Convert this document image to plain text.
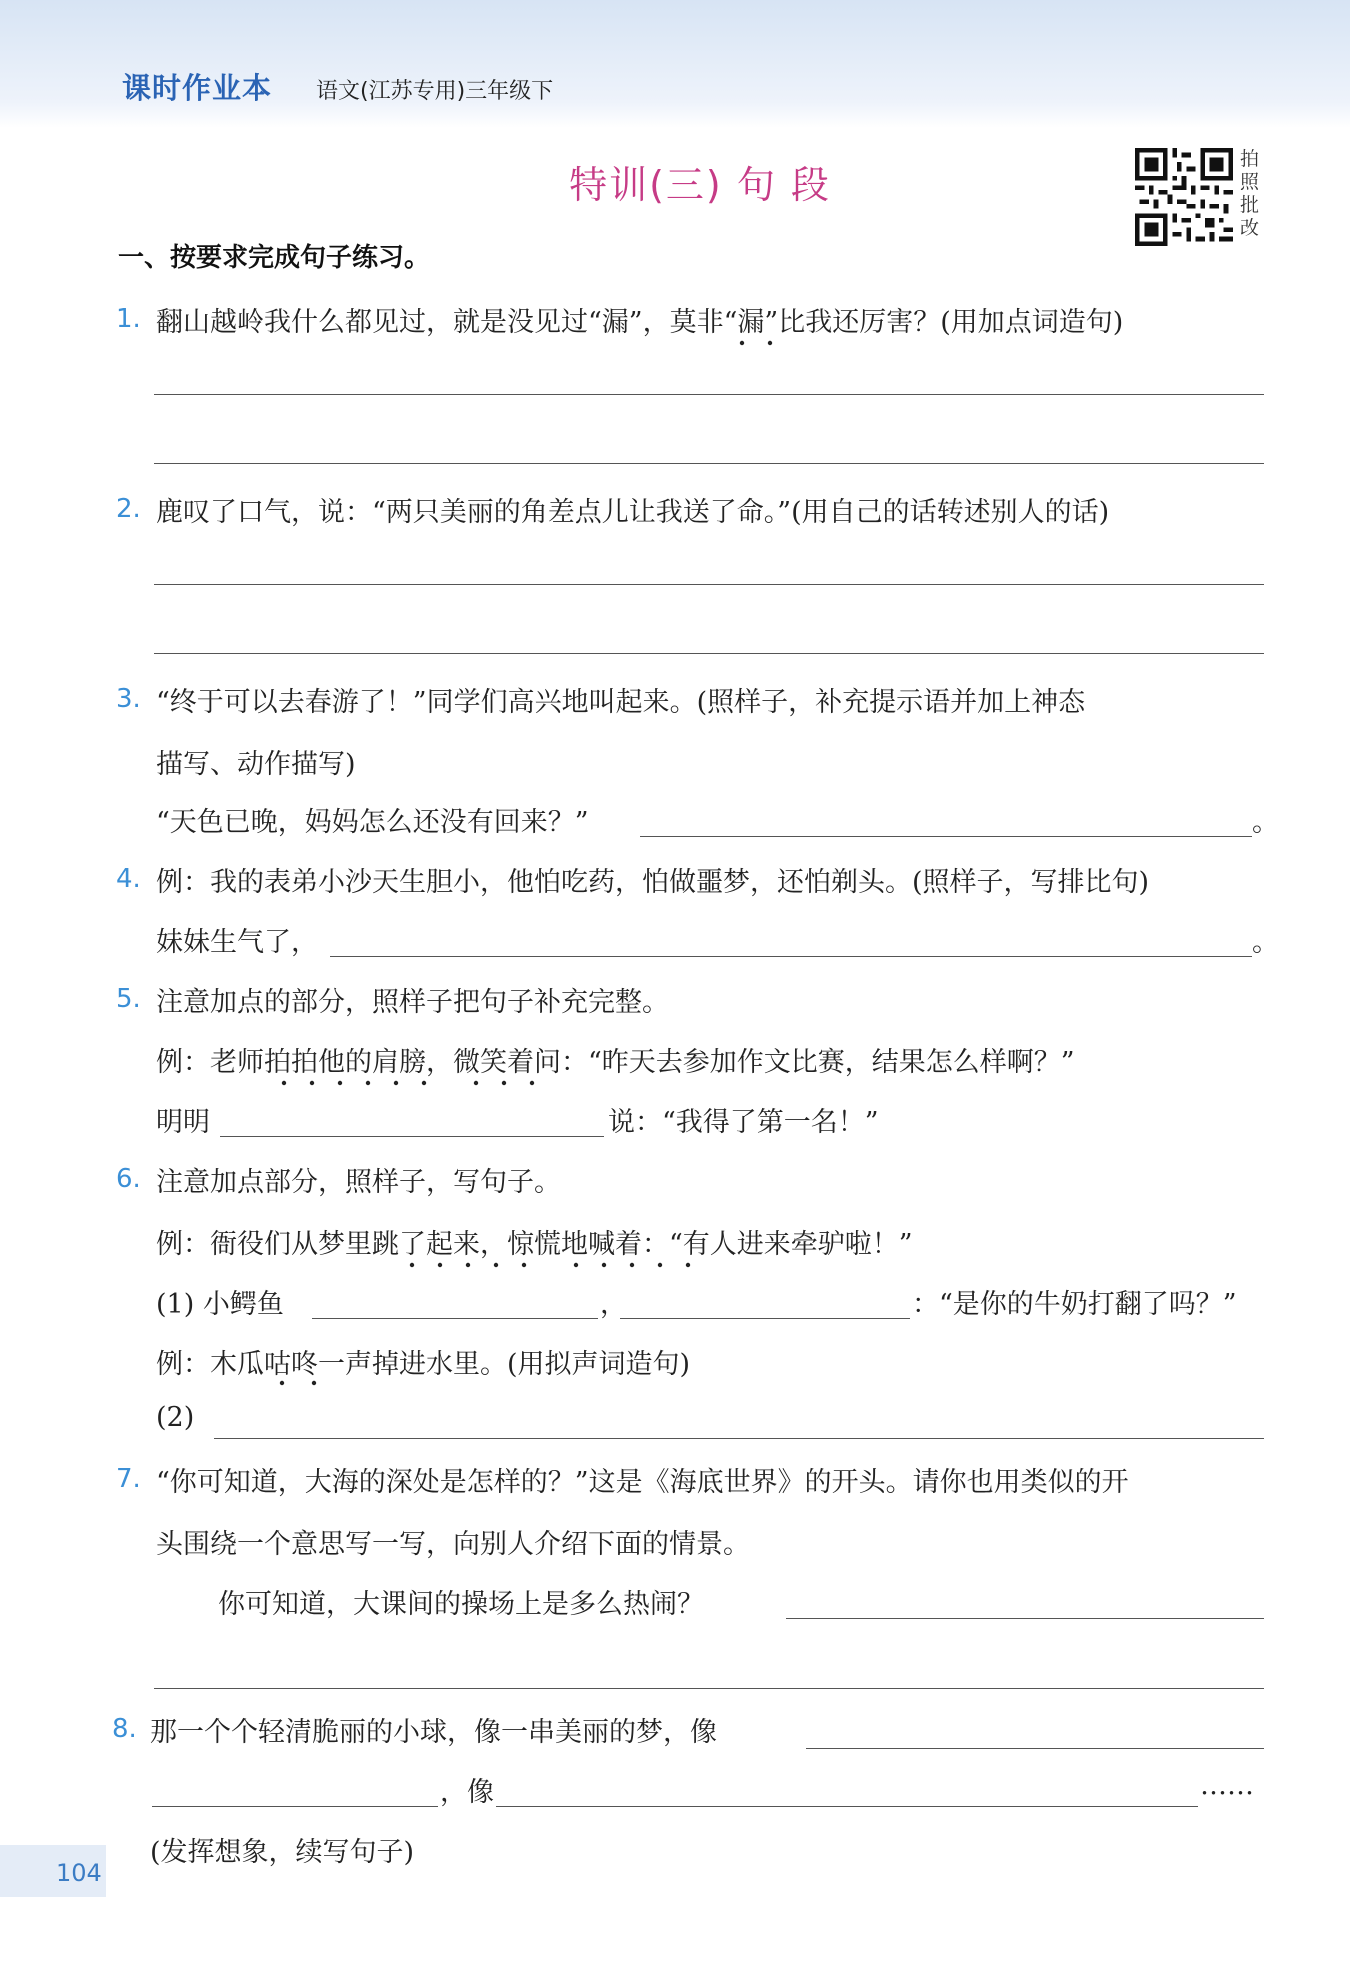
课时作业本 语文(江苏专用)三年级下
特训(三) 句 段
拍
照
批
改
一、按要求完成句子练习。
1. 翻山越岭我什么都见过，就是没见过“漏”，莫非“漏”比我还厉害？(用加点词造句)
2. 鹿叹了口气，说：“两只美丽的角差点儿让我送了命。”(用自己的话转述别人的话)
3. “终于可以去春游了！”同学们高兴地叫起来。(照样子，补充提示语并加上神态
描写、动作描写)
“天色已晚，妈妈怎么还没有回来？”	。
4. 例：我的表弟小沙天生胆小，他怕吃药，怕做噩梦，还怕剃头。(照样子，写排比句)
妹妹生气了，	。
5. 注意加点的部分，照样子把句子补充完整。
例：老师拍拍他的肩膀，微笑着问：“昨天去参加作文比赛，结果怎么样啊？”
明明	说：“我得了第一名！”
6. 注意加点部分，照样子，写句子。
例：衙役们从梦里跳了起来，惊慌地喊着：“有人进来牵驴啦！”
(1) 小鳄鱼	，	：“是你的牛奶打翻了吗？”
例：木瓜咕咚一声掉进水里。(用拟声词造句)
(2)
7. “你可知道，大海的深处是怎样的？”这是《海底世界》的开头。请你也用类似的开
头围绕一个意思写一写，向别人介绍下面的情景。
你可知道，大课间的操场上是多么热闹？
8. 那一个个轻清脆丽的小球，像一串美丽的梦，像
，像	……
(发挥想象，续写句子)
104
